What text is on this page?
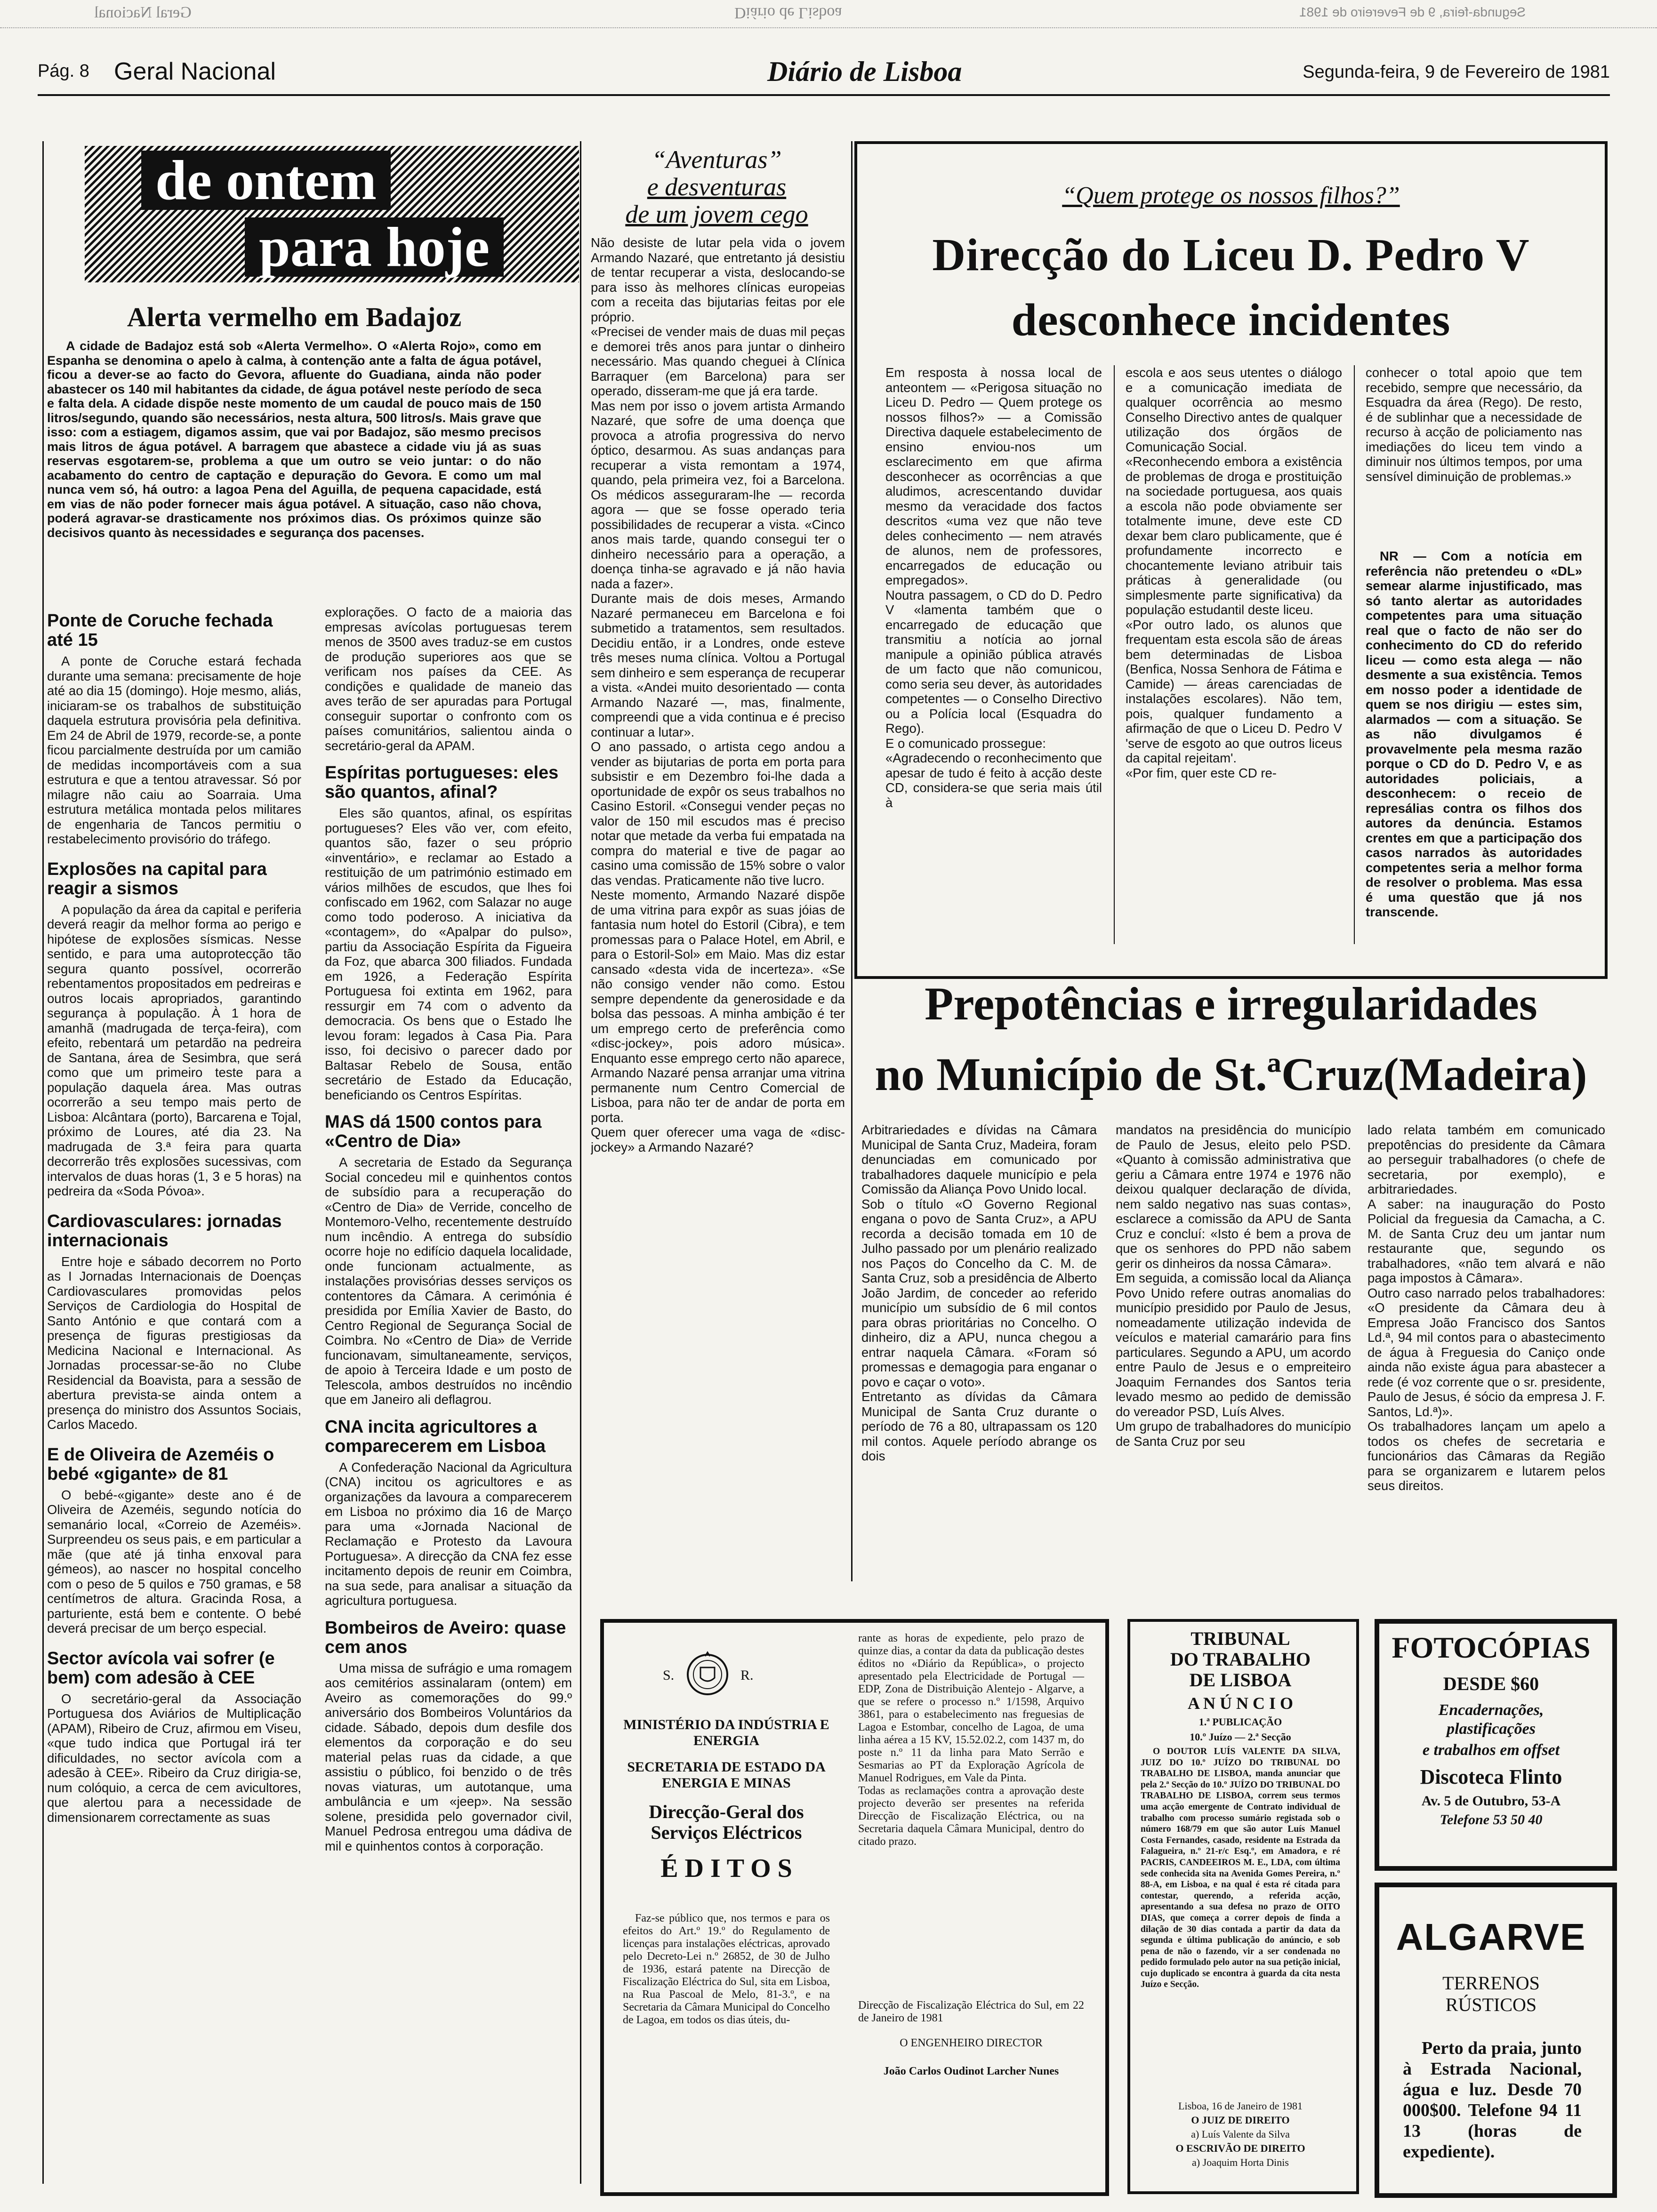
Geral Nacional	Diário de Lisboa	Segunda-feira, 9 de Fevereiro de 1981
Pág. 8 Geral Nacional	Diário de Lisboa	Segunda-feira, 9 de Fevereiro de 1981
de ontem
para hoje
Alerta vermelho em Badajoz
A cidade de Badajoz está sob «Alerta Vermelho». O «Alerta Rojo», como em Espanha se denomina o apelo à calma, à contenção ante a falta de água potável, ficou a dever-se ao facto do Gevora, afluente do Guadiana, ainda não poder abastecer os 140 mil habitantes da cidade, de água potável neste período de seca e falta dela. A cidade dispõe neste momento de um caudal de pouco mais de 150 litros/segundo, quando são necessários, nesta altura, 500 litros/s. Mais grave que isso: com a estiagem, digamos assim, que vai por Badajoz, são mesmo precisos mais litros de água potável. A barragem que abastece a cidade viu já as suas reservas esgotarem-se, problema a que um outro se veio juntar: o do não acabamento do centro de captação e depuração do Gevora. E como um mal nunca vem só, há outro: a lagoa Pena del Aguilla, de pequena capacidade, está em vias de não poder fornecer mais água potável. A situação, caso não chova, poderá agravar-se drasticamente nos próximos dias. Os próximos quinze são decisivos quanto às necessidades e segurança dos pacenses.
Ponte de Coruche fechada até 15
A ponte de Coruche estará fechada durante uma semana: precisamente de hoje até ao dia 15 (domingo). Hoje mesmo, aliás, iniciaram-se os trabalhos de substituição daquela estrutura provisória pela definitiva. Em 24 de Abril de 1979, recorde-se, a ponte ficou parcialmente destruída por um camião de medidas incomportáveis com a sua estrutura e que a tentou atravessar. Só por milagre não caiu ao Soarraia. Uma estrutura metálica montada pelos militares de engenharia de Tancos permitiu o restabelecimento provisório do tráfego.
Explosões na capital para reagir a sismos
A população da área da capital e periferia deverá reagir da melhor forma ao perigo e hipótese de explosões sísmicas. Nesse sentido, e para uma autoprotecção tão segura quanto possível, ocorrerão rebentamentos propositados em pedreiras e outros locais apropriados, garantindo segurança à população. À 1 hora de amanhã (madrugada de terça-feira), com efeito, rebentará um petardão na pedreira de Santana, área de Sesimbra, que será como que um primeiro teste para a população daquela área. Mas outras ocorrerão a seu tempo mais perto de Lisboa: Alcântara (porto), Barcarena e Tojal, próximo de Loures, até dia 23. Na madrugada de 3.ª feira para quarta decorrerão três explosões sucessivas, com intervalos de duas horas (1, 3 e 5 horas) na pedreira da «Soda Póvoa».
Cardiovasculares: jornadas internacionais
Entre hoje e sábado decorrem no Porto as I Jornadas Internacionais de Doenças Cardiovasculares promovidas pelos Serviços de Cardiologia do Hospital de Santo António e que contará com a presença de figuras prestigiosas da Medicina Nacional e Internacional. As Jornadas processar-se-ão no Clube Residencial da Boavista, para a sessão de abertura prevista-se ainda ontem a presença do ministro dos Assuntos Sociais, Carlos Macedo.
E de Oliveira de Azeméis o bebé «gigante» de 81
O bebé-«gigante» deste ano é de Oliveira de Azeméis, segundo notícia do semanário local, «Correio de Azeméis». Surpreendeu os seus pais, e em particular a mãe (que até já tinha enxoval para gémeos), ao nascer no hospital concelho com o peso de 5 quilos e 750 gramas, e 58 centímetros de altura. Gracinda Rosa, a parturiente, está bem e contente. O bebé deverá precisar de um berço especial.
Sector avícola vai sofrer (e bem) com adesão à CEE
O secretário-geral da Associação Portuguesa dos Aviários de Multiplicação (APAM), Ribeiro de Cruz, afirmou em Viseu, «que tudo indica que Portugal irá ter dificuldades, no sector avícola com a adesão à CEE». Ribeiro da Cruz dirigia-se, num colóquio, a cerca de cem avicultores, que alertou para a necessidade de dimensionarem correctamente as suas
explorações. O facto de a maioria das empresas avícolas portuguesas terem menos de 3500 aves traduz-se em custos de produção superiores aos que se verificam nos países da CEE. As condições e qualidade de maneio das aves terão de ser apuradas para Portugal conseguir suportar o confronto com os países comunitários, salientou ainda o secretário-geral da APAM.
Espíritas portugueses: eles são quantos, afinal?
Eles são quantos, afinal, os espíritas portugueses? Eles vão ver, com efeito, quantos são, fazer o seu próprio «inventário», e reclamar ao Estado a restituição de um património estimado em vários milhões de escudos, que lhes foi confiscado em 1962, com Salazar no auge como todo poderoso. A iniciativa da «contagem», do «Apalpar do pulso», partiu da Associação Espírita da Figueira da Foz, que abarca 300 filiados. Fundada em 1926, a Federação Espírita Portuguesa foi extinta em 1962, para ressurgir em 74 com o advento da democracia. Os bens que o Estado lhe levou foram: legados à Casa Pia. Para isso, foi decisivo o parecer dado por Baltasar Rebelo de Sousa, então secretário de Estado da Educação, beneficiando os Centros Espíritas.
MAS dá 1500 contos para «Centro de Dia»
A secretaria de Estado da Segurança Social concedeu mil e quinhentos contos de subsídio para a recuperação do «Centro de Dia» de Verride, concelho de Montemoro-Velho, recentemente destruído num incêndio. A entrega do subsídio ocorre hoje no edifício daquela localidade, onde funcionam actualmente, as instalações provisórias desses serviços os contentores da Câmara. A cerimónia é presidida por Emília Xavier de Basto, do Centro Regional de Segurança Social de Coimbra. No «Centro de Dia» de Verride funcionavam, simultaneamente, serviços, de apoio à Terceira Idade e um posto de Telescola, ambos destruídos no incêndio que em Janeiro ali deflagrou.
CNA incita agricultores a comparecerem em Lisboa
A Confederação Nacional da Agricultura (CNA) incitou os agricultores e as organizações da lavoura a comparecerem em Lisboa no próximo dia 16 de Março para uma «Jornada Nacional de Reclamação e Protesto da Lavoura Portuguesa». A direcção da CNA fez esse incitamento depois de reunir em Coimbra, na sua sede, para analisar a situação da agricultura portuguesa.
Bombeiros de Aveiro: quase cem anos
Uma missa de sufrágio e uma romagem aos cemitérios assinalaram (ontem) em Aveiro as comemorações do 99.º aniversário dos Bombeiros Voluntários da cidade. Sábado, depois dum desfile dos elementos da corporação e do seu material pelas ruas da cidade, a que assistiu o público, foi benzido o de três novas viaturas, um autotanque, uma ambulância e um «jeep». Na sessão solene, presidida pelo governador civil, Manuel Pedrosa entregou uma dádiva de mil e quinhentos contos à corporação.
“Aventuras”
e desventuras
de um jovem cego
Não desiste de lutar pela vida o jovem Armando Nazaré, que entretanto já desistiu de tentar recuperar a vista, deslocando-se para isso às melhores clínicas europeias com a receita das bijutarias feitas por ele próprio.
«Precisei de vender mais de duas mil peças e demorei três anos para juntar o dinheiro necessário. Mas quando cheguei à Clínica Barraquer (em Barcelona) para ser operado, disseram-me que já era tarde.
Mas nem por isso o jovem artista Armando Nazaré, que sofre de uma doença que provoca a atrofia progressiva do nervo óptico, desarmou. As suas andanças para recuperar a vista remontam a 1974, quando, pela primeira vez, foi a Barcelona. Os médicos asseguraram-lhe — recorda agora — que se fosse operado teria possibilidades de recuperar a vista. «Cinco anos mais tarde, quando consegui ter o dinheiro necessário para a operação, a doença tinha-se agravado e já não havia nada a fazer».
Durante mais de dois meses, Armando Nazaré permaneceu em Barcelona e foi submetido a tratamentos, sem resultados. Decidiu então, ir a Londres, onde esteve três meses numa clínica. Voltou a Portugal sem dinheiro e sem esperança de recuperar a vista. «Andei muito desorientado — conta Armando Nazaré —, mas, finalmente, compreendi que a vida continua e é preciso continuar a lutar».
O ano passado, o artista cego andou a vender as bijutarias de porta em porta para subsistir e em Dezembro foi-lhe dada a oportunidade de expôr os seus trabalhos no Casino Estoril. «Consegui vender peças no valor de 150 mil escudos mas é preciso notar que metade da verba fui empatada na compra do material e tive de pagar ao casino uma comissão de 15% sobre o valor das vendas. Praticamente não tive lucro.
Neste momento, Armando Nazaré dispõe de uma vitrina para expôr as suas jóias de fantasia num hotel do Estoril (Cibra), e tem promessas para o Palace Hotel, em Abril, e para o Estoril-Sol» em Maio. Mas diz estar cansado «desta vida de incerteza». «Se não consigo vender não como. Estou sempre dependente da generosidade e da bolsa das pessoas. A minha ambição é ter um emprego certo de preferência como «disc-jockey», pois adoro música». Enquanto esse emprego certo não aparece, Armando Nazaré pensa arranjar uma vitrina permanente num Centro Comercial de Lisboa, para não ter de andar de porta em porta.
Quem quer oferecer uma vaga de «disc-jockey» a Armando Nazaré?
“Quem protege os nossos filhos?”
Direcção do Liceu D. Pedro V
desconhece incidentes
Em resposta à nossa local de anteontem — «Perigosa situação no Liceu D. Pedro — Quem protege os nossos filhos?» — a Comissão Directiva daquele estabelecimento de ensino enviou-nos um esclarecimento em que afirma desconhecer as ocorrências a que aludimos, acrescentando duvidar mesmo da veracidade dos factos descritos «uma vez que não teve deles conhecimento — nem através de alunos, nem de professores, encarregados de educação ou empregados».
Noutra passagem, o CD do D. Pedro V «lamenta também que o encarregado de educação que transmitiu a notícia ao jornal manipule a opinião pública através de um facto que não comunicou, como seria seu dever, às autoridades competentes — o Conselho Directivo ou a Polícia local (Esquadra do Rego).
E o comunicado prossegue:
«Agradecendo o reconhecimento que apesar de tudo é feito à acção deste CD, considera-se que seria mais útil à
escola e aos seus utentes o diálogo e a comunicação imediata de qualquer ocorrência ao mesmo Conselho Directivo antes de qualquer utilização dos órgãos de Comunicação Social.
«Reconhecendo embora a existência de problemas de droga e prostituição na sociedade portuguesa, aos quais a escola não pode obviamente ser totalmente imune, deve este CD dexar bem claro publicamente, que é profundamente incorrecto e chocantemente leviano atribuir tais práticas à generalidade (ou simplesmente parte significativa) da população estudantil deste liceu.
«Por outro lado, os alunos que frequentam esta escola são de áreas bem determinadas de Lisboa (Benfica, Nossa Senhora de Fátima e Camide) — áreas carenciadas de instalações escolares). Não tem, pois, qualquer fundamento a afirmação de que o Liceu D. Pedro V 'serve de esgoto ao que outros liceus da capital rejeitam'.
«Por fim, quer este CD re-
conhecer o total apoio que tem recebido, sempre que necessário, da Esquadra da área (Rego). De resto, é de sublinhar que a necessidade de recurso à acção de policiamento nas imediações do liceu tem vindo a diminuir nos últimos tempos, por uma sensível diminuição de problemas.»
NR — Com a notícia em referência não pretendeu o «DL» semear alarme injustificado, mas só tanto alertar as autoridades competentes para uma situação real que o facto de não ser do conhecimento do CD do referido liceu — como esta alega — não desmente a sua existência. Temos em nosso poder a identidade de quem se nos dirigiu — estes sim, alarmados — com a situação. Se as não divulgamos é provavelmente pela mesma razão porque o CD do D. Pedro V, e as autoridades policiais, a desconhecem: o receio de represálias contra os filhos dos autores da denúncia. Estamos crentes em que a participação dos casos narrados às autoridades competentes seria a melhor forma de resolver o problema. Mas essa é uma questão que já nos transcende.
Prepotências e irregularidades
no Município de St.ªCruz(Madeira)
Arbitrariedades e dívidas na Câmara Municipal de Santa Cruz, Madeira, foram denunciadas em comunicado por trabalhadores daquele município e pela Comissão da Aliança Povo Unido local.
Sob o título «O Governo Regional engana o povo de Santa Cruz», a APU recorda a decisão tomada em 10 de Julho passado por um plenário realizado nos Paços do Concelho da C. M. de Santa Cruz, sob a presidência de Alberto João Jardim, de conceder ao referido município um subsídio de 6 mil contos para obras prioritárias no Concelho. O dinheiro, diz a APU, nunca chegou a entrar naquela Câmara. «Foram só promessas e demagogia para enganar o povo e caçar o voto».
Entretanto as dívidas da Câmara Municipal de Santa Cruz durante o período de 76 a 80, ultrapassam os 120 mil contos. Aquele período abrange os dois
mandatos na presidência do município de Paulo de Jesus, eleito pelo PSD. «Quanto à comissão administrativa que geriu a Câmara entre 1974 e 1976 não deixou qualquer declaração de dívida, nem saldo negativo nas suas contas», esclarece a comissão da APU de Santa Cruz e concluí: «Isto é bem a prova de que os senhores do PPD não sabem gerir os dinheiros da nossa Câmara».
Em seguida, a comissão local da Aliança Povo Unido refere outras anomalias do município presidido por Paulo de Jesus, nomeadamente utilização indevida de veículos e material camarário para fins particulares. Segundo a APU, um acordo entre Paulo de Jesus e o empreiteiro Joaquim Fernandes dos Santos teria levado mesmo ao pedido de demissão do vereador PSD, Luís Alves.
Um grupo de trabalhadores do município de Santa Cruz por seu
lado relata também em comunicado prepotências do presidente da Câmara ao perseguir trabalhadores (o chefe de secretaria, por exemplo), e arbitrariedades.
A saber: na inauguração do Posto Policial da freguesia da Camacha, a C. M. de Santa Cruz deu um jantar num restaurante que, segundo os trabalhadores, «não tem alvará e não paga impostos à Câmara».
Outro caso narrado pelos trabalhadores: «O presidente da Câmara deu à Empresa João Francisco dos Santos Ld.ª, 94 mil contos para o abastecimento de água à Freguesia do Caniço onde ainda não existe água para abastecer a rede (é voz corrente que o sr. presidente, Paulo de Jesus, é sócio da empresa J. F. Santos, Ld.ª)».
Os trabalhadores lançam um apelo a todos os chefes de secretaria e funcionários das Câmaras da Região para se organizarem e lutarem pelos seus direitos.
S.	R.
MINISTÉRIO DA INDÚSTRIA E ENERGIA
SECRETARIA DE ESTADO DA ENERGIA E MINAS
Direcção-Geral dos Serviços Eléctricos
É D I T O S
Faz-se público que, nos termos e para os efeitos do Art.º 19.º do Regulamento de licenças para instalações eléctricas, aprovado pelo Decreto-Lei n.º 26852, de 30 de Julho de 1936, estará patente na Direcção de Fiscalização Eléctrica do Sul, sita em Lisboa, na Rua Pascoal de Melo, 81-3.º, e na Secretaria da Câmara Municipal do Concelho de Lagoa, em todos os dias úteis, du-
rante as horas de expediente, pelo prazo de quinze dias, a contar da data da publicação destes éditos no «Diário da República», o projecto apresentado pela Electricidade de Portugal — EDP, Zona de Distribuição Alentejo - Algarve, a que se refere o processo n.º 1/1598, Arquivo 3861, para o estabelecimento nas freguesias de Lagoa e Estombar, concelho de Lagoa, de uma linha aérea a 15 KV, 15.52.02.2, com 1437 m, do poste n.º 11 da linha para Mato Serrão e Sesmarias ao PT da Exploração Agrícola de Manuel Rodrigues, em Vale da Pinta.
Todas as reclamações contra a aprovação deste projecto deverão ser presentes na referida Direcção de Fiscalização Eléctrica, ou na Secretaria daquela Câmara Municipal, dentro do citado prazo.
Direcção de Fiscalização Eléctrica do Sul, em 22 de Janeiro de 1981
O ENGENHEIRO DIRECTOR
João Carlos Oudinot Larcher Nunes
TRIBUNAL
DO TRABALHO
DE LISBOA
A N Ú N C I O
1.ª PUBLICAÇÃO
10.º Juízo — 2.ª Secção
O DOUTOR LUÍS VALENTE DA SILVA, JUIZ DO 10.º JUÍZO DO TRIBUNAL DO TRABALHO DE LISBOA, manda anunciar que pela 2.ª Secção do 10.º JUÍZO DO TRIBUNAL DO TRABALHO DE LISBOA, correm seus termos uma acção emergente de Contrato individual de trabalho com processo sumário registada sob o número 168/79 em que são autor Luís Manuel Costa Fernandes, casado, residente na Estrada da Falagueira, n.º 21-r/c Esq.º, em Amadora, e ré PACRIS, CANDEEIROS M. E., LDA, com última sede conhecida sita na Avenida Gomes Pereira, n.º 88-A, em Lisboa, e na qual é esta ré citada para contestar, querendo, a referida acção, apresentando a sua defesa no prazo de OITO DIAS, que começa a correr depois de finda a dilação de 30 dias contada a partir da data da segunda e última publicação do anúncio, e sob pena de não o fazendo, vir a ser condenada no pedido formulado pelo autor na sua petição inicial, cujo duplicado se encontra à guarda da cita nesta Juízo e Secção.
Lisboa, 16 de Janeiro de 1981
O JUIZ DE DIREITO
a) Luís Valente da Silva
O ESCRIVÃO DE DIREITO
a) Joaquim Horta Dinis
FOTOCÓPIAS
DESDE $60
Encadernações, plastificações
e trabalhos em offset
Discoteca Flinto
Av. 5 de Outubro, 53-A
Telefone 53 50 40
ALGARVE
TERRENOS
RÚSTICOS
Perto da praia, junto à Estrada Nacional, água e luz. Desde 70 000$00. Telefone 94 11 13 (horas de expediente).
